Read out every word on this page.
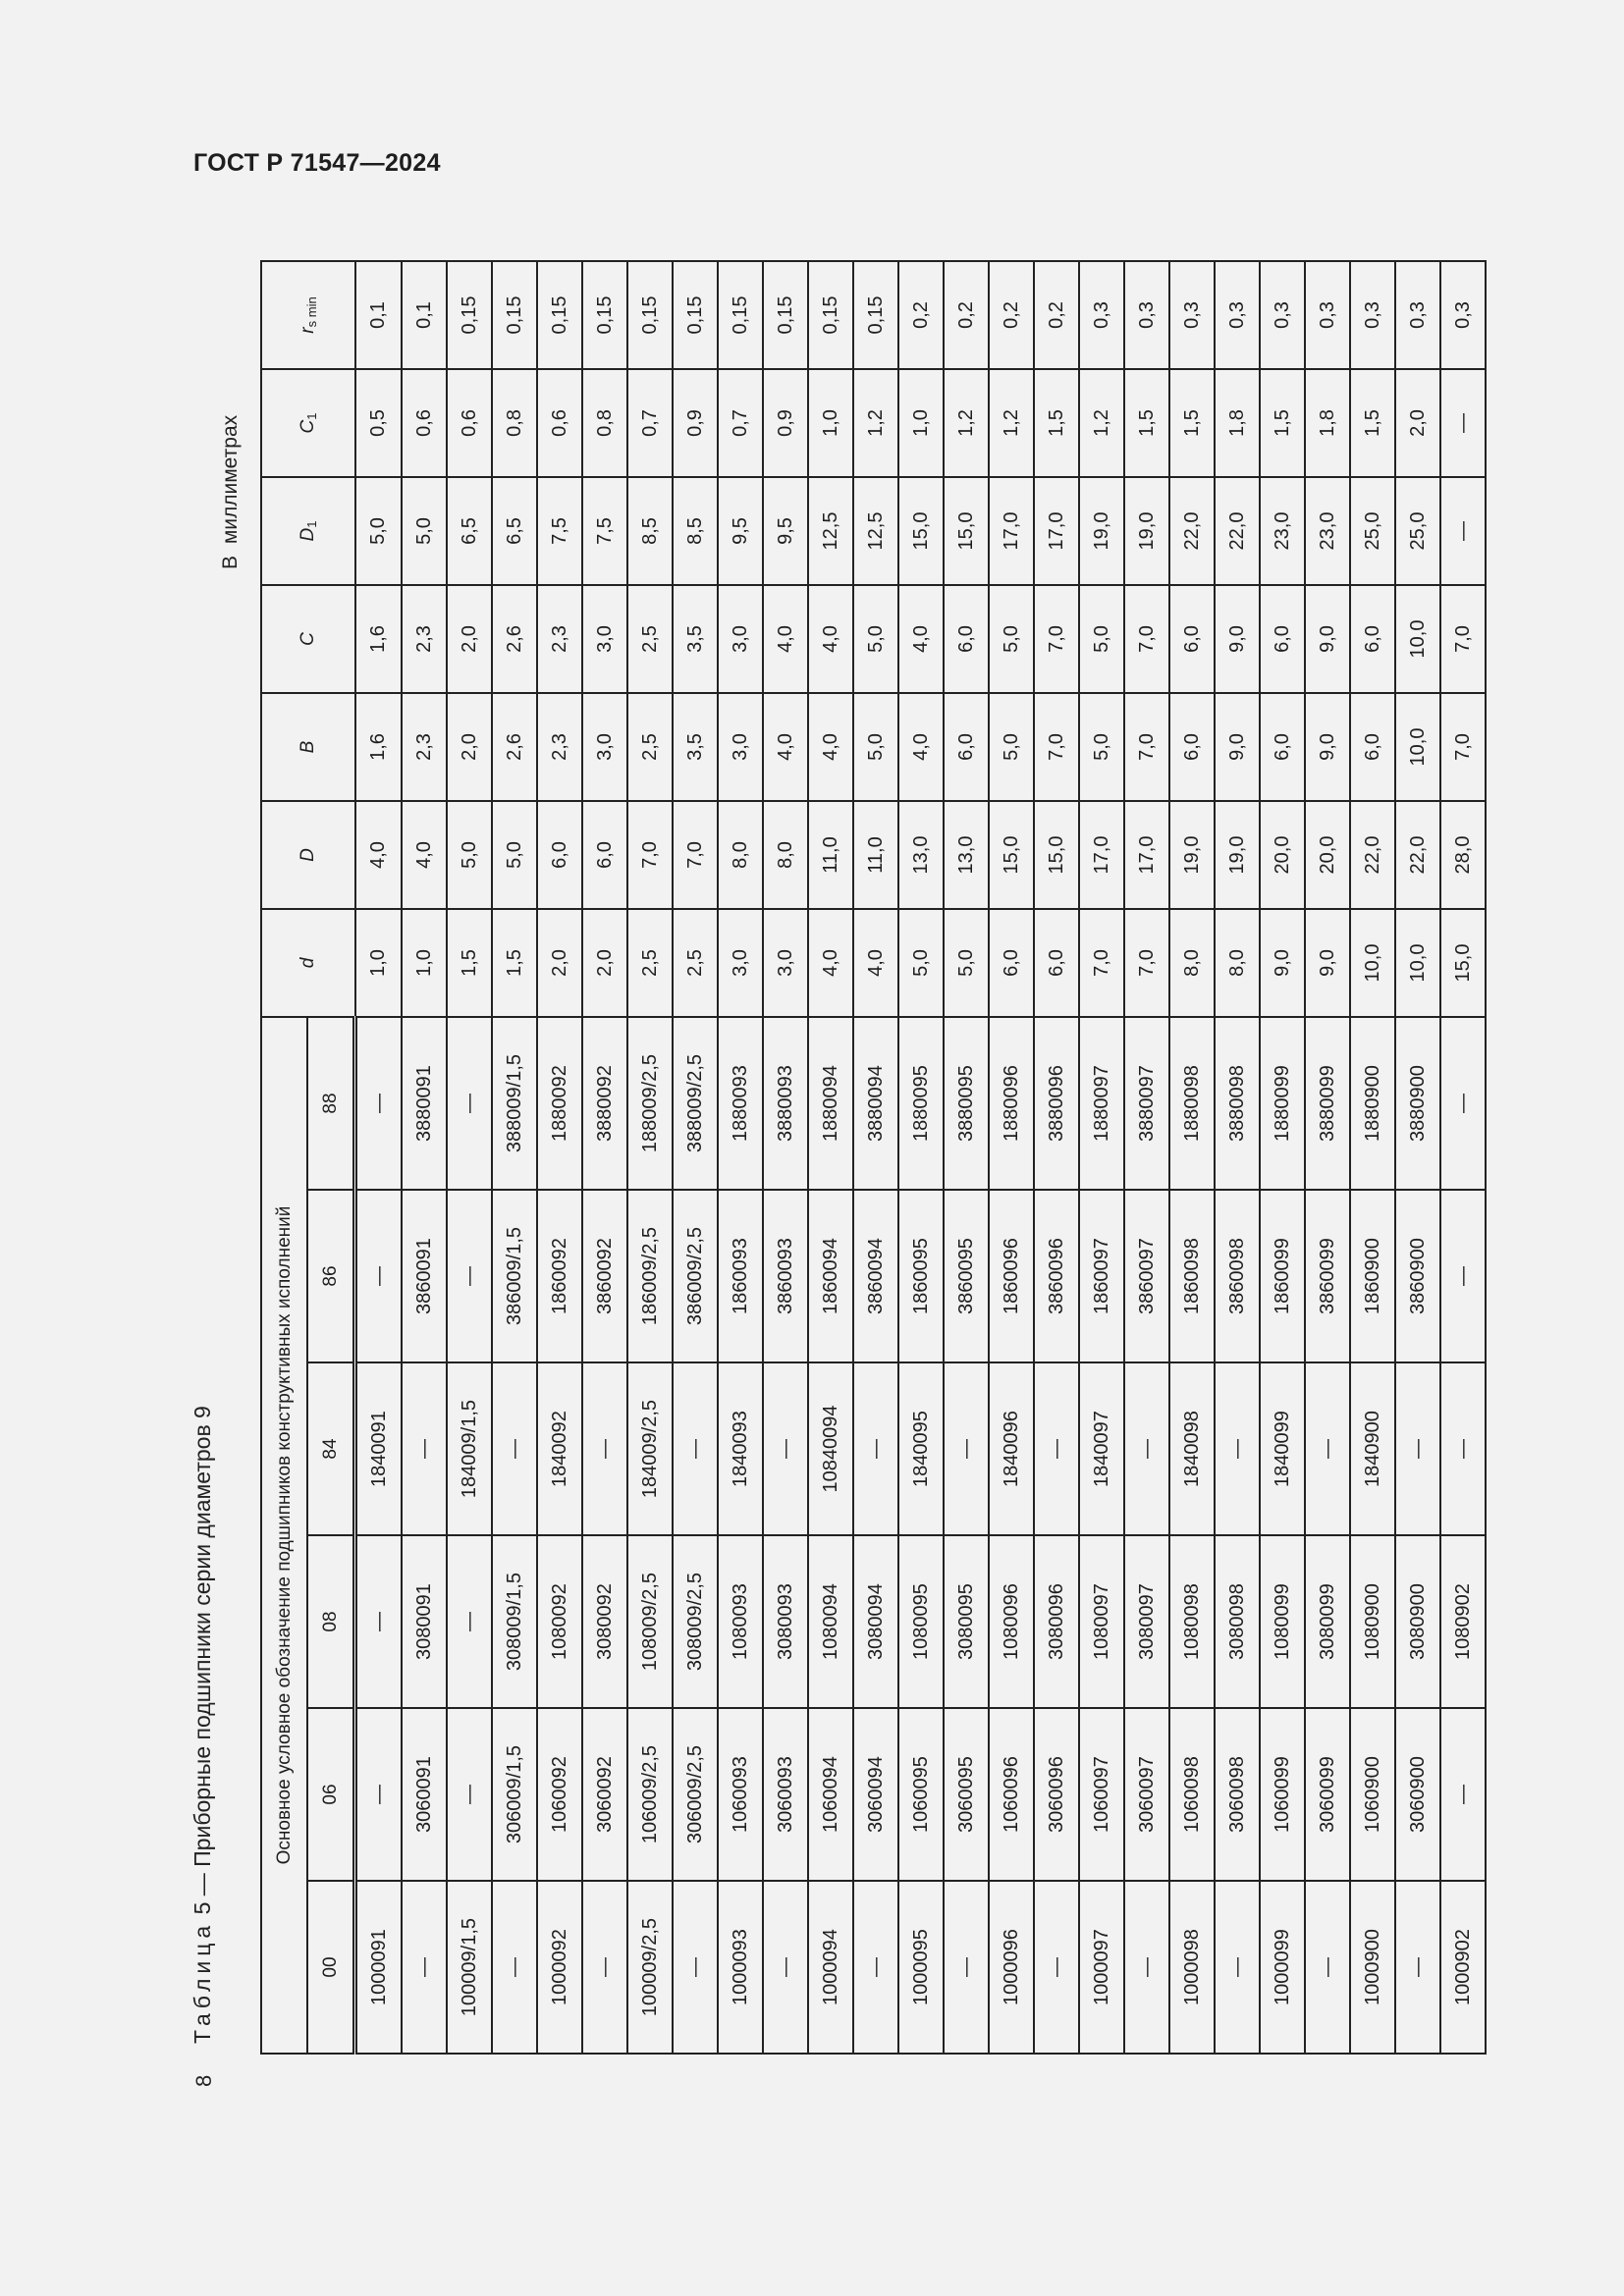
ГОСТ Р 71547—2024
8
Таблица 5 — Приборные подшипники серии диаметров 9
В миллиметрах
Основное условное обозначение подшипников конструктивных исполнений						d	D	B	C	$D_1$	$C_1$	$r_{s min}$
00	06	08	84	86	88							
1000091	—	—	1840091	—	—	1,0	4,0	1,6	1,6	5,0	0,5	0,1
—	3060091	3080091	—	3860091	3880091	1,0	4,0	2,3	2,3	5,0	0,6	0,1
100009/1,5	—	—	184009/1,5	—	—	1,5	5,0	2,0	2,0	6,5	0,6	0,15
—	306009/1,5	308009/1,5	—	386009/1,5	388009/1,5	1,5	5,0	2,6	2,6	6,5	0,8	0,15
1000092	1060092	1080092	1840092	1860092	1880092	2,0	6,0	2,3	2,3	7,5	0,6	0,15
—	3060092	3080092	—	3860092	3880092	2,0	6,0	3,0	3,0	7,5	0,8	0,15
100009/2,5	106009/2,5	108009/2,5	184009/2,5	186009/2,5	188009/2,5	2,5	7,0	2,5	2,5	8,5	0,7	0,15
—	306009/2,5	308009/2,5	—	386009/2,5	388009/2,5	2,5	7,0	3,5	3,5	8,5	0,9	0,15
1000093	1060093	1080093	1840093	1860093	1880093	3,0	8,0	3,0	3,0	9,5	0,7	0,15
—	3060093	3080093	—	3860093	3880093	3,0	8,0	4,0	4,0	9,5	0,9	0,15
1000094	1060094	1080094	10840094	1860094	1880094	4,0	11,0	4,0	4,0	12,5	1,0	0,15
—	3060094	3080094	—	3860094	3880094	4,0	11,0	5,0	5,0	12,5	1,2	0,15
1000095	1060095	1080095	1840095	1860095	1880095	5,0	13,0	4,0	4,0	15,0	1,0	0,2
—	3060095	3080095	—	3860095	3880095	5,0	13,0	6,0	6,0	15,0	1,2	0,2
1000096	1060096	1080096	1840096	1860096	1880096	6,0	15,0	5,0	5,0	17,0	1,2	0,2
—	3060096	3080096	—	3860096	3880096	6,0	15,0	7,0	7,0	17,0	1,5	0,2
1000097	1060097	1080097	1840097	1860097	1880097	7,0	17,0	5,0	5,0	19,0	1,2	0,3
—	3060097	3080097	—	3860097	3880097	7,0	17,0	7,0	7,0	19,0	1,5	0,3
1000098	1060098	1080098	1840098	1860098	1880098	8,0	19,0	6,0	6,0	22,0	1,5	0,3
—	3060098	3080098	—	3860098	3880098	8,0	19,0	9,0	9,0	22,0	1,8	0,3
1000099	1060099	1080099	1840099	1860099	1880099	9,0	20,0	6,0	6,0	23,0	1,5	0,3
—	3060099	3080099	—	3860099	3880099	9,0	20,0	9,0	9,0	23,0	1,8	0,3
1000900	1060900	1080900	1840900	1860900	1880900	10,0	22,0	6,0	6,0	25,0	1,5	0,3
—	3060900	3080900	—	3860900	3880900	10,0	22,0	10,0	10,0	25,0	2,0	0,3
1000902	—	1080902	—	—	—	15,0	28,0	7,0	7,0	—	—	0,3
